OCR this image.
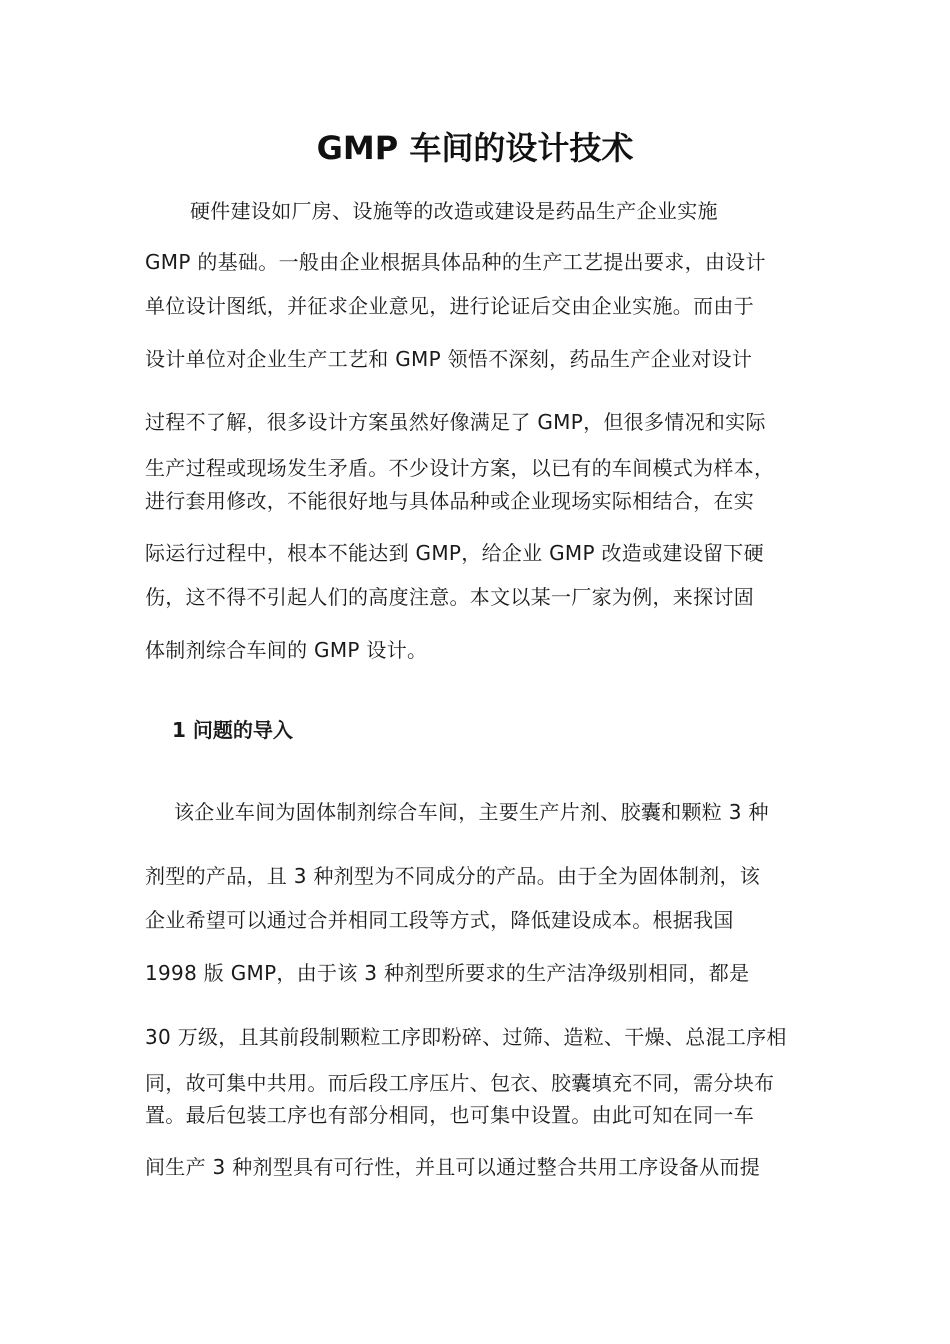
GMP 车间的设计技术

硬件建设如厂房、设施等的改造或建设是药品生产企业实施

GMP 的基础。一般由企业根据具体品种的生产工艺提出要求，由设计

单位设计图纸，并征求企业意见，进行论证后交由企业实施。而由于

设计单位对企业生产工艺和 GMP 领悟不深刻，药品生产企业对设计

过程不了解，很多设计方案虽然好像满足了 GMP，但很多情况和实际

生产过程或现场发生矛盾。不少设计方案，以已有的车间模式为样本，

进行套用修改，不能很好地与具体品种或企业现场实际相结合，在实

际运行过程中，根本不能达到 GMP，给企业 GMP 改造或建设留下硬

伤，这不得不引起人们的高度注意。本文以某一厂家为例，来探讨固

体制剂综合车间的 GMP 设计。

1 问题的导入

该企业车间为固体制剂综合车间，主要生产片剂、胶囊和颗粒 3 种

剂型的产品，且 3 种剂型为不同成分的产品。由于全为固体制剂，该

企业希望可以通过合并相同工段等方式，降低建设成本。根据我国

1998 版 GMP，由于该 3 种剂型所要求的生产洁净级别相同，都是

30 万级，且其前段制颗粒工序即粉碎、过筛、造粒、干燥、总混工序相

同，故可集中共用。而后段工序压片、包衣、胶囊填充不同，需分块布

置。最后包装工序也有部分相同，也可集中设置。由此可知在同一车

间生产 3 种剂型具有可行性，并且可以通过整合共用工序设备从而提
